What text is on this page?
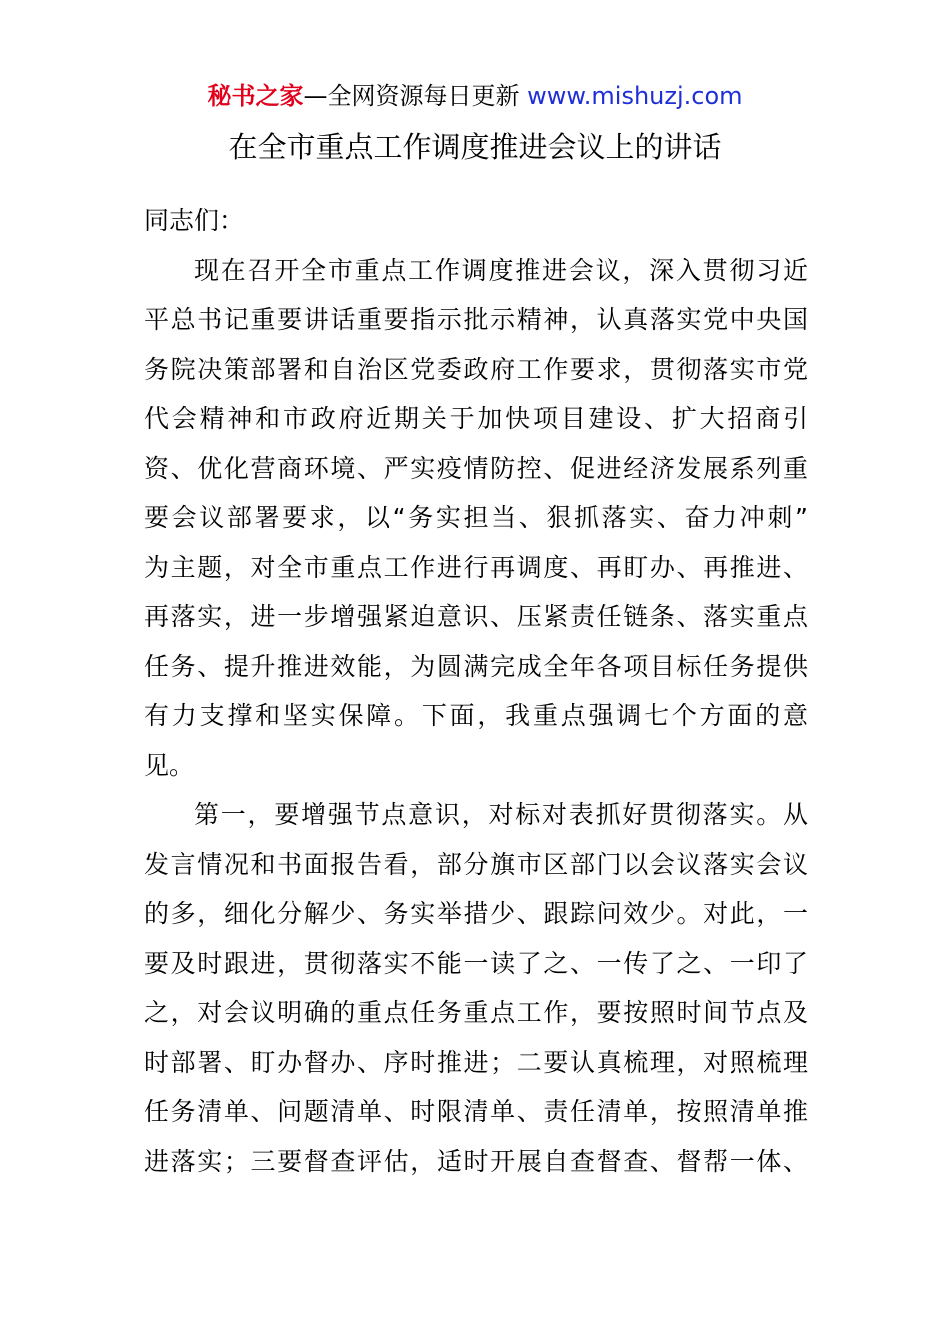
秘书之家—全网资源每日更新 www.mishuzj.com
在全市重点工作调度推进会议上的讲话
同志们：
现在召开全市重点工作调度推进会议，深入贯彻习近
平总书记重要讲话重要指示批示精神，认真落实党中央国
务院决策部署和自治区党委政府工作要求，贯彻落实市党
代会精神和市政府近期关于加快项目建设、扩大招商引
资、优化营商环境、严实疫情防控、促进经济发展系列重
要会议部署要求，以“务实担当、狠抓落实、奋力冲刺”
为主题，对全市重点工作进行再调度、再盯办、再推进、
再落实，进一步增强紧迫意识、压紧责任链条、落实重点
任务、提升推进效能，为圆满完成全年各项目标任务提供
有力支撑和坚实保障。下面，我重点强调七个方面的意
见。
第一，要增强节点意识，对标对表抓好贯彻落实。从
发言情况和书面报告看，部分旗市区部门以会议落实会议
的多，细化分解少、务实举措少、跟踪问效少。对此，一
要及时跟进，贯彻落实不能一读了之、一传了之、一印了
之，对会议明确的重点任务重点工作，要按照时间节点及
时部署、盯办督办、序时推进；二要认真梳理，对照梳理
任务清单、问题清单、时限清单、责任清单，按照清单推
进落实；三要督查评估，适时开展自查督查、督帮一体、
